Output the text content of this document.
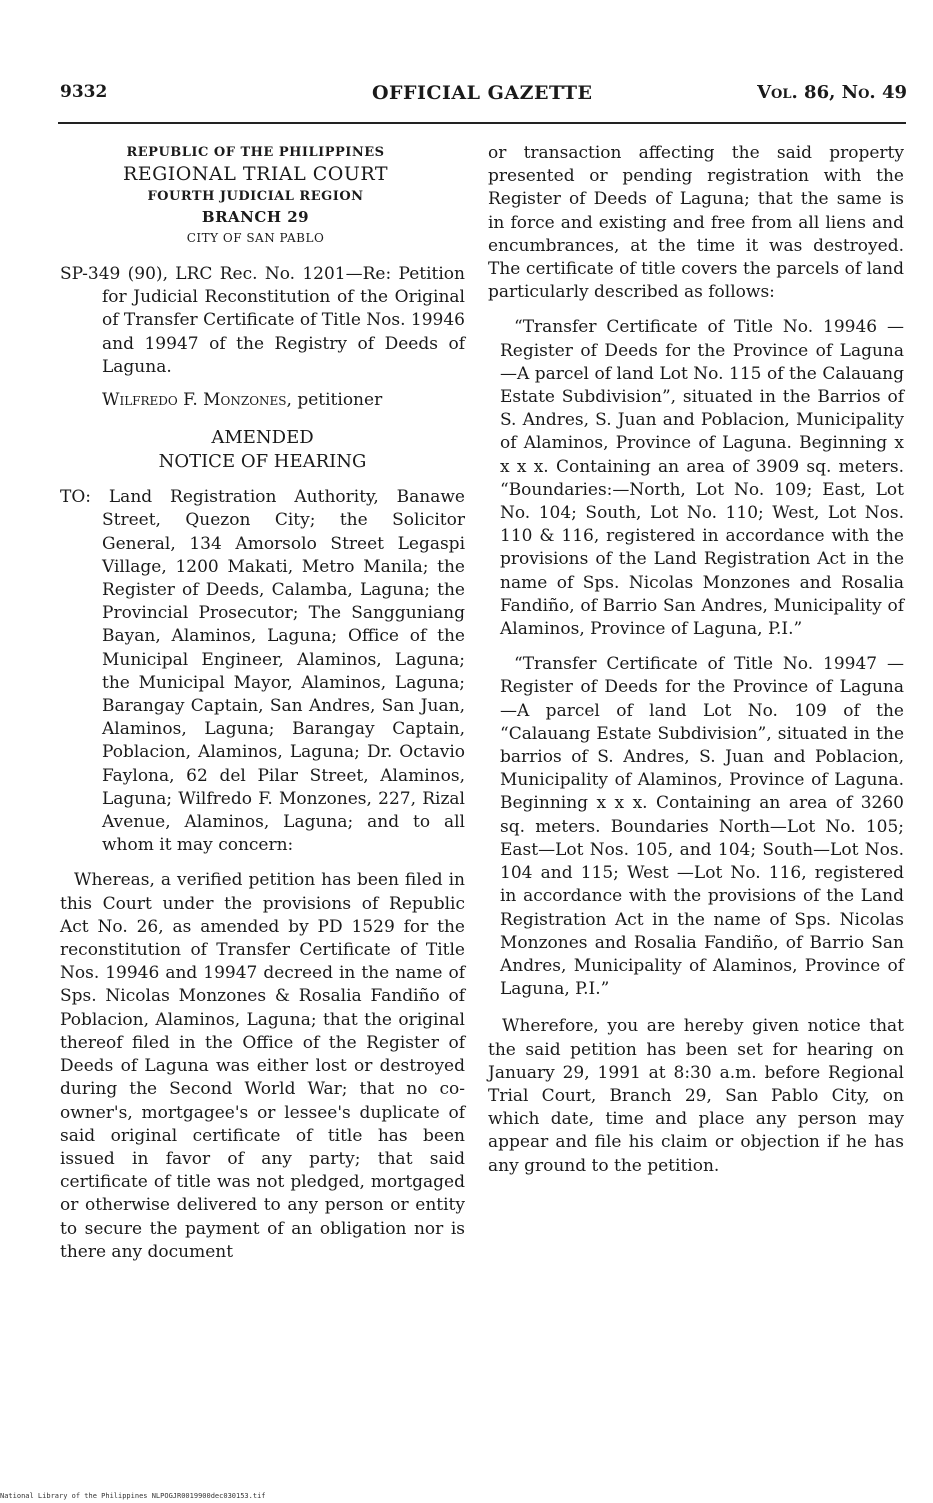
9332	OFFICIAL GAZETTE	Vol. 86, No. 49
REPUBLIC OF THE PHILIPPINES
REGIONAL TRIAL COURT
FOURTH JUDICIAL REGION
BRANCH 29
CITY OF SAN PABLO

SP-349 (90), LRC Rec. No. 1201—Re: Petition for Judicial Reconstitution of the Original of Transfer Certificate of Title Nos. 19946 and 19947 of the Registry of Deeds of Laguna.

Wilfredo F. Monzones, petitioner

AMENDED
NOTICE OF HEARING

TO: Land Registration Authority, Banawe Street, Quezon City; the Solicitor General, 134 Amorsolo Street Legaspi Village, 1200 Makati, Metro Manila; the Register of Deeds, Calamba, Laguna; the Provincial Prosecutor; The Sangguniang Bayan, Alaminos, Laguna; Office of the Municipal Engineer, Alaminos, Laguna; the Municipal Mayor, Alaminos, Laguna; Barangay Captain, San Andres, San Juan, Alaminos, Laguna; Barangay Captain, Poblacion, Alaminos, Laguna; Dr. Octavio Faylona, 62 del Pilar Street, Alaminos, Laguna; Wilfredo F. Monzones, 227, Rizal Avenue, Alaminos, Laguna; and to all whom it may concern:

Whereas, a verified petition has been filed in this Court under the provisions of Republic Act No. 26, as amended by PD 1529 for the reconstitution of Transfer Certificate of Title Nos. 19946 and 19947 decreed in the name of Sps. Nicolas Monzones & Rosalia Fandiño of Poblacion, Alaminos, Laguna; that the original thereof filed in the Office of the Register of Deeds of Laguna was either lost or destroyed during the Second World War; that no co-owner's, mortgagee's or lessee's duplicate of said original certificate of title has been issued in favor of any party; that said certificate of title was not pledged, mortgaged or otherwise delivered to any person or entity to secure the payment of an obligation nor is there any document

or transaction affecting the said property presented or pending registration with the Register of Deeds of Laguna; that the same is in force and existing and free from all liens and encumbrances, at the time it was destroyed. The certificate of title covers the parcels of land particularly described as follows:

“Transfer Certificate of Title No. 19946 —Register of Deeds for the Province of Laguna—A parcel of land Lot No. 115 of the Calauang Estate Subdivision”, situated in the Barrios of S. Andres, S. Juan and Poblacion, Municipality of Alaminos, Province of Laguna. Beginning x x x x. Containing an area of 3909 sq. meters. “Boundaries:—North, Lot No. 109; East, Lot No. 104; South, Lot No. 110; West, Lot Nos. 110 & 116, registered in accordance with the provisions of the Land Registration Act in the name of Sps. Nicolas Monzones and Rosalia Fandiño, of Barrio San Andres, Municipality of Alaminos, Province of Laguna, P.I.”

“Transfer Certificate of Title No. 19947 —Register of Deeds for the Province of Laguna—A parcel of land Lot No. 109 of the “Calauang Estate Subdivision”, situated in the barrios of S. Andres, S. Juan and Poblacion, Municipality of Alaminos, Province of Laguna. Beginning x x x. Containing an area of 3260 sq. meters. Boundaries North—Lot No. 105; East—Lot Nos. 105, and 104; South—Lot Nos. 104 and 115; West —Lot No. 116, registered in accordance with the provisions of the Land Registration Act in the name of Sps. Nicolas Monzones and Rosalia Fandiño, of Barrio San Andres, Municipality of Alaminos, Province of Laguna, P.I.”

Wherefore, you are hereby given notice that the said petition has been set for hearing on January 29, 1991 at 8:30 a.m. before Regional Trial Court, Branch 29, San Pablo City, on which date, time and place any person may appear and file his claim or objection if he has any ground to the petition.

National Library of the Philippines NLPOGJR0019900dec030153.tif
